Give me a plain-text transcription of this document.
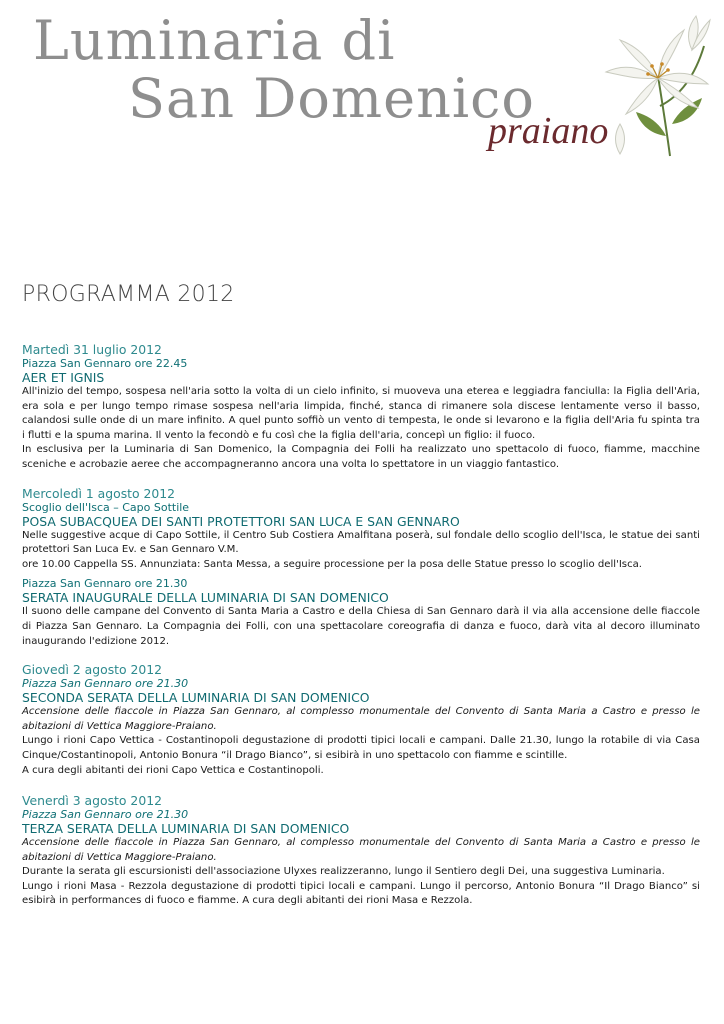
Luminaria di
San Domenico
praiano
PROGRAMMA 2012

Martedì 31 luglio 2012

Piazza San Gennaro ore 22.45

AER ET IGNIS

All'inizio del tempo, sospesa nell'aria sotto la volta di un cielo infinito, si muoveva una eterea e leggiadra fanciulla: la Figlia dell'Aria, era sola e per lungo tempo rimase sospesa nell'aria limpida, finché, stanca di rimanere sola discese lentamente verso il basso, calandosi sulle onde di un mare infinito. A quel punto soffiò un vento di tempesta, le onde si levarono e la figlia dell'Aria fu spinta tra i flutti e la spuma marina. Il vento la fecondò e fu così che la figlia dell'aria, concepì un figlio: il fuoco.

In esclusiva per la Luminaria di San Domenico, la Compagnia dei Folli ha realizzato uno spettacolo di fuoco, fiamme, macchine sceniche e acrobazie aeree che accompagneranno ancora una volta lo spettatore in un viaggio fantastico.

Mercoledì 1 agosto 2012

Scoglio dell'Isca – Capo Sottile

POSA SUBACQUEA DEI SANTI PROTETTORI SAN LUCA E SAN GENNARO

Nelle suggestive acque di Capo Sottile, il Centro Sub Costiera Amalfitana poserà, sul fondale dello scoglio dell'Isca, le statue dei santi protettori San Luca Ev. e San Gennaro V.M.

ore 10.00 Cappella SS. Annunziata: Santa Messa, a seguire processione per la posa delle Statue presso lo scoglio dell'Isca.

Piazza San Gennaro ore 21.30

SERATA INAUGURALE DELLA LUMINARIA DI SAN DOMENICO

Il suono delle campane del Convento di Santa Maria a Castro e della Chiesa di San Gennaro darà il via alla accensione delle fiaccole di Piazza San Gennaro. La Compagnia dei Folli, con una spettacolare coreografia di danza e fuoco, darà vita al decoro illuminato inaugurando l'edizione 2012.

Giovedì 2 agosto 2012

Piazza San Gennaro ore 21.30

SECONDA SERATA DELLA LUMINARIA DI SAN DOMENICO

Accensione delle fiaccole in Piazza San Gennaro, al complesso monumentale del Convento di Santa Maria a Castro e presso le abitazioni di Vettica Maggiore-Praiano.

Lungo i rioni Capo Vettica - Costantinopoli degustazione di prodotti tipici locali e campani. Dalle 21.30, lungo la rotabile di via Casa Cinque/Costantinopoli, Antonio Bonura “il Drago Bianco”, si esibirà in uno spettacolo con fiamme e scintille.

A cura degli abitanti dei rioni Capo Vettica e Costantinopoli.

Venerdì 3 agosto 2012

Piazza San Gennaro ore 21.30

TERZA SERATA DELLA LUMINARIA DI SAN DOMENICO

Accensione delle fiaccole in Piazza San Gennaro, al complesso monumentale del Convento di Santa Maria a Castro e presso le abitazioni di Vettica Maggiore-Praiano.

Durante la serata gli escursionisti dell'associazione Ulyxes realizzeranno, lungo il Sentiero degli Dei, una suggestiva Luminaria.

Lungo i rioni Masa - Rezzola degustazione di prodotti tipici locali e campani. Lungo il percorso, Antonio Bonura “Il Drago Bianco” si esibirà in performances di fuoco e fiamme. A cura degli abitanti dei rioni Masa e Rezzola.
